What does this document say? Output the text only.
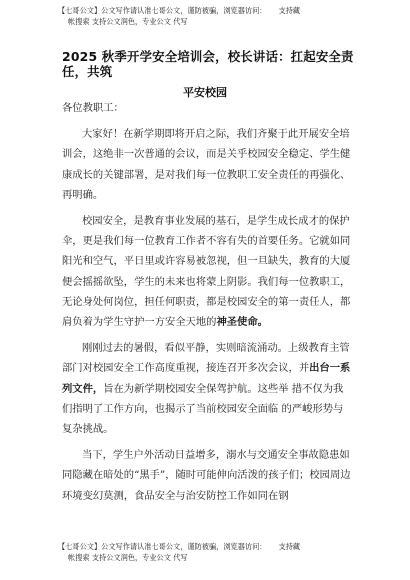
【七哥公文】公文写作请认准七哥公文，谨防被骗，浏览器访问： 支持藏
帐搜索 支持公文润色，专业公文 代写
2025 秋季开学安全培训会，校长讲话：扛起安全责任，共筑
平安校园

各位教职工：

大家好！在新学期即将开启之际，我们齐聚于此开展安全培训会，这绝非一次普通的会议，而是关乎校园安全稳定、学生健康成长的关键部署，是对我们每一位教职工安全责任的再强化、再明确。

校园安全，是教育事业发展的基石，是学生成长成才的保护伞，更是我们每一位教育工作者不容有失的首要任务。它就如同阳光和空气，平日里或许容易被忽视，但一旦缺失，教育的大厦便会摇摇欲坠，学生的未来也将蒙上阴影。我们每一位教职工，无论身处何岗位，担任何职责，都是校园安全的第一责任人，都肩负着为学生守护一方安全天地的神圣使命。

刚刚过去的暑假，看似平静，实则暗流涌动。上级教育主管部门对校园安全工作高度重视，接连召开多次会议，并出台一系列文件，旨在为新学期校园安全保驾护航。这些举 措不仅为我们指明了工作方向，也揭示了当前校园安全面临 的严峻形势与复杂挑战。

当下，学生户外活动日益增多，溺水与交通安全事故隐患如同隐藏在暗处的“黑手”，随时可能伸向活泼的孩子们；校园周边环境变幻莫测，食品安全与治安防控工作如同在钢

【七哥公文】公文写作请认准七哥公文，谨防被骗，浏览器访问： 支持藏
帐搜索 支持公文润色，专业公文 代写
